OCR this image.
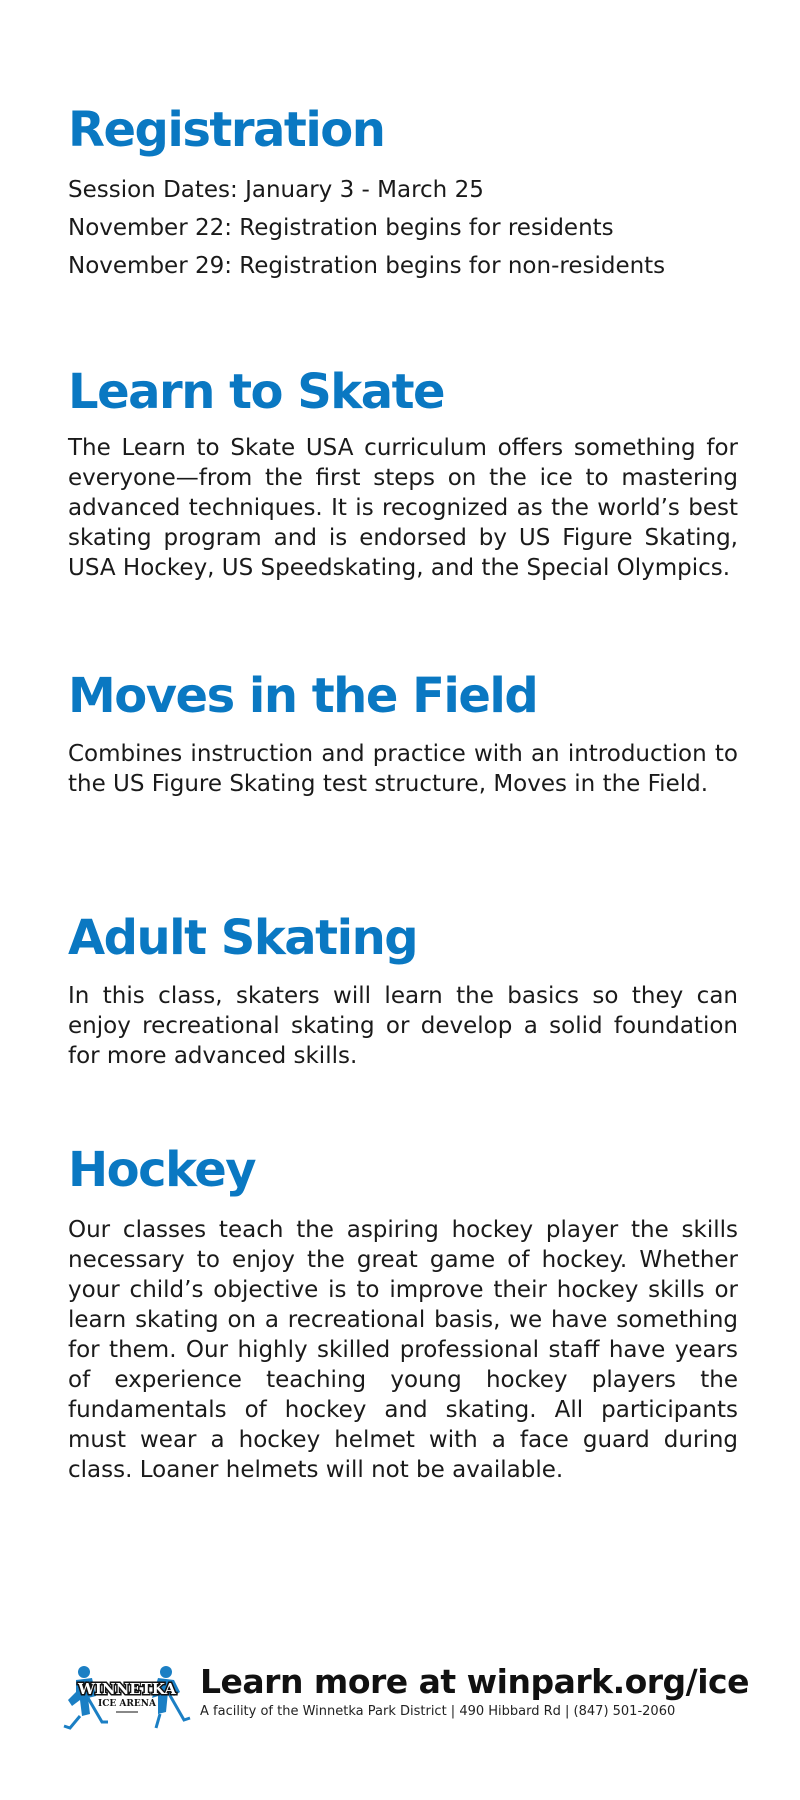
Registration

Session Dates: January 3 - March 25

November 22: Registration begins for residents

November 29: Registration begins for non-residents

Learn to Skate

The Learn to Skate USA curriculum offers something for everyone—from the first steps on the ice to mastering advanced techniques. It is recognized as the world’s best skating program and is endorsed by US Figure Skating, USA Hockey, US Speedskating, and the Special Olympics.

Moves in the Field

Combines instruction and practice with an introduction to the US Figure Skating test structure, Moves in the Field.

Adult Skating

In this class, skaters will learn the basics so they can enjoy recreational skating or develop a solid foundation for more advanced skills.

Hockey

Our classes teach the aspiring hockey player the skills necessary to enjoy the great game of hockey. Whether your child’s objective is to improve their hockey skills or learn skating on a recreational basis, we have something for them. Our highly skilled professional staff have years of experience teaching young hockey players the fundamentals of hockey and skating. All participants must wear a hockey helmet with a face guard during class. Loaner helmets will not be available.

WINNETKA
ICE ARENA
Learn more at winpark.org/ice
A facility of the Winnetka Park District | 490 Hibbard Rd | (847) 501-2060
